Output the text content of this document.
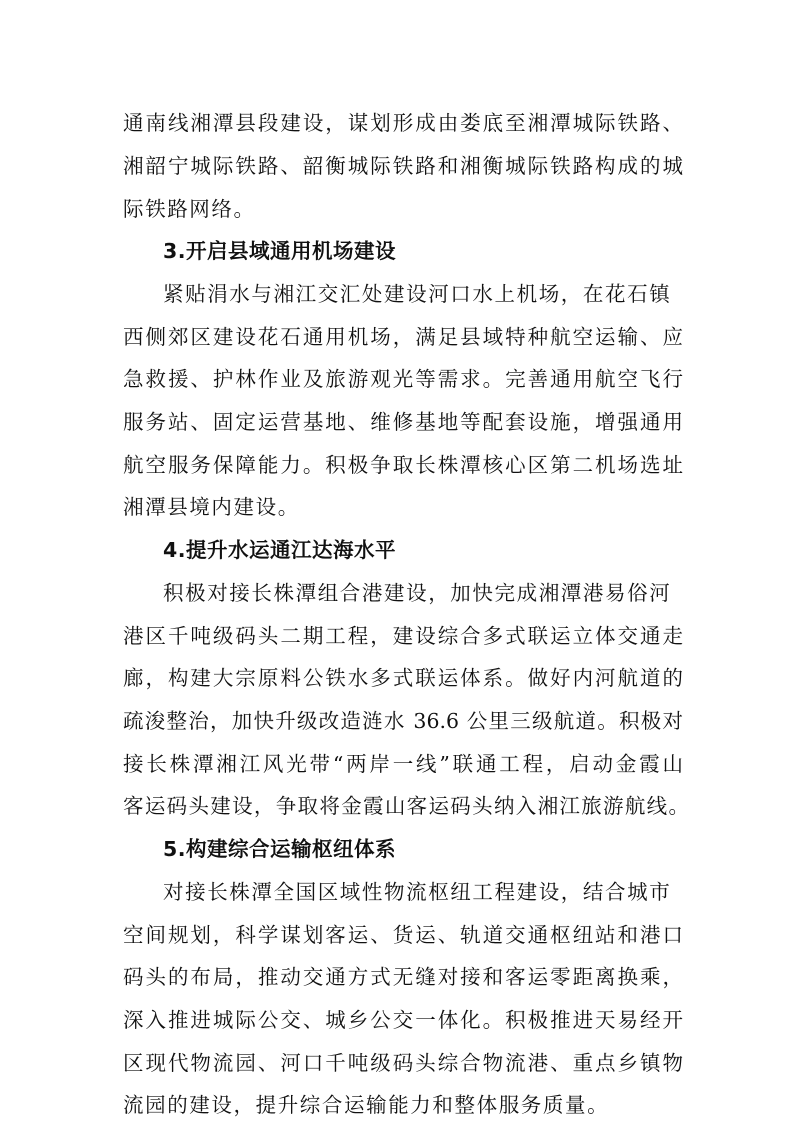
通南线湘潭县段建设，谋划形成由娄底至湘潭城际铁路、
湘韶宁城际铁路、韶衡城际铁路和湘衡城际铁路构成的城
际铁路网络。
3.开启县域通用机场建设
紧贴涓水与湘江交汇处建设河口水上机场，在花石镇
西侧郊区建设花石通用机场，满足县域特种航空运输、应
急救援、护林作业及旅游观光等需求。完善通用航空飞行
服务站、固定运营基地、维修基地等配套设施，增强通用
航空服务保障能力。积极争取长株潭核心区第二机场选址
湘潭县境内建设。
4.提升水运通江达海水平
积极对接长株潭组合港建设，加快完成湘潭港易俗河
港区千吨级码头二期工程，建设综合多式联运立体交通走
廊，构建大宗原料公铁水多式联运体系。做好内河航道的
疏浚整治，加快升级改造涟水 36.6 公里三级航道。积极对
接长株潭湘江风光带“两岸一线”联通工程，启动金霞山
客运码头建设，争取将金霞山客运码头纳入湘江旅游航线。
5.构建综合运输枢纽体系
对接长株潭全国区域性物流枢纽工程建设，结合城市
空间规划，科学谋划客运、货运、轨道交通枢纽站和港口
码头的布局，推动交通方式无缝对接和客运零距离换乘，
深入推进城际公交、城乡公交一体化。积极推进天易经开
区现代物流园、河口千吨级码头综合物流港、重点乡镇物
流园的建设，提升综合运输能力和整体服务质量。
